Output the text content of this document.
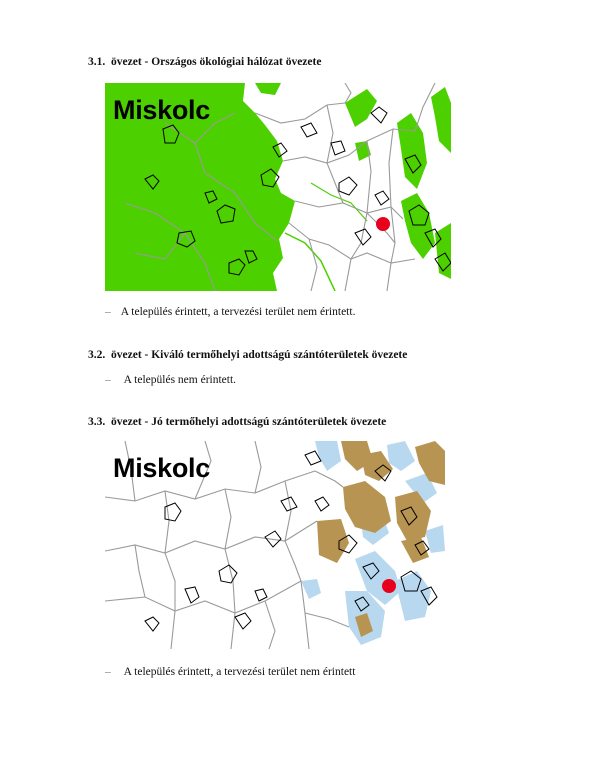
3.1. övezet - Országos ökológiai hálózat övezete
Miskolc
– A település érintett, a tervezési terület nem érintett.
3.2. övezet - Kiváló termőhelyi adottságú szántóterületek övezete
– A település nem érintett.
3.3. övezet - Jó termőhelyi adottságú szántóterületek övezete
Miskolc
– A település érintett, a tervezési terület nem érintett
